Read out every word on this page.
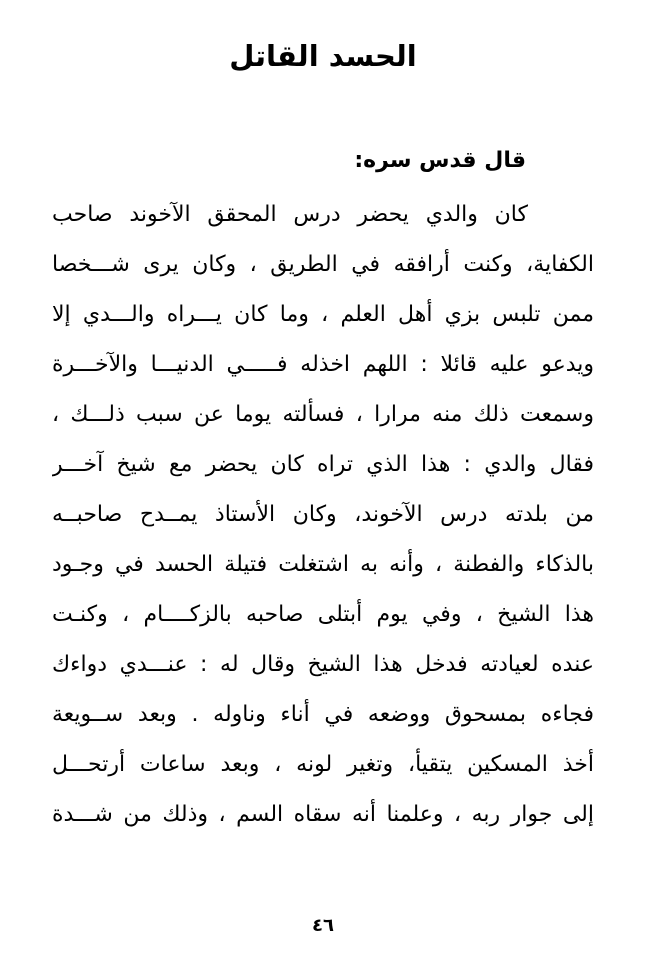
الحسد القاتل
قال قدس سره:
كان والدي يحضر درس المحقق الآخوند صاحب
الكفاية، وكنت أرافقه في الطريق ، وكان يرى شـــخصا
ممن تلبس بزي أهل العلم ، وما كان يـــراه والـــدي إلا
ويدعو عليه قائلا : اللهم اخذله فـــــي الدنيـــا والآخـــرة
وسمعت ذلك منه مرارا ، فسألته يوما عن سبب ذلـــك ،
فقال والدي : هذا الذي تراه كان يحضر مع شيخ آخـــر
من بلدته درس الآخوند، وكان الأستاذ يمــدح صاحبــه
بالذكاء والفطنة ، وأنه به اشتغلت فتيلة الحسد في وجـود
هذا الشيخ ، وفي يوم أبتلى صاحبه بالزكــــام ، وكنـت
عنده لعيادته فدخل هذا الشيخ وقال له : عنـــدي دواءك
فجاءه بمسحوق ووضعه في أناء وناوله . وبعد ســويعة
أخذ المسكين يتقيأ، وتغير لونه ، وبعد ساعات أرتحـــل
إلى جوار ربه ، وعلمنا أنه سقاه السم ، وذلك من شـــدة
٤٦
